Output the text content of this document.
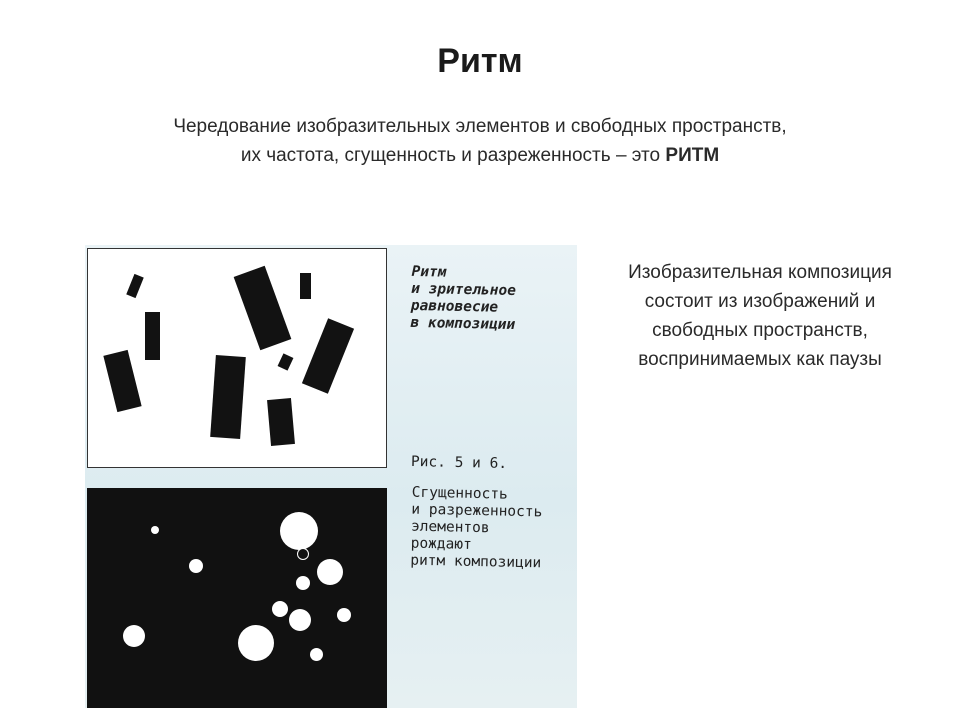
Ритм
Чередование изобразительных элементов и свободных пространств,
их частота, сгущенность и разреженность – это РИТМ
Ритм
и зрительное
равновесие
в композиции
Рис. 5 и 6.
Сгущенность
и разреженность
элементов
рождают
ритм композиции
Изобразительная композиция состоит из изображений и свободных пространств, воспринимаемых как паузы
